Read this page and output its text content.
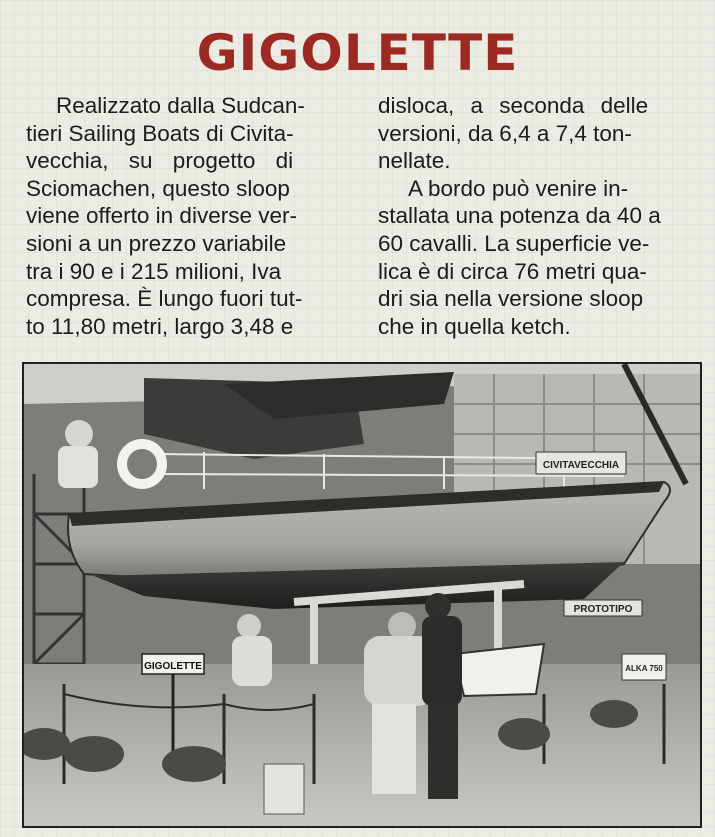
GIGOLETTE
Realizzato dalla Sudcan-
tieri Sailing Boats di Civita-
vecchia, su progetto di
Sciomachen, questo sloop
viene offerto in diverse ver-
sioni a un prezzo variabile
tra i 90 e i 215 milioni, Iva
compresa. È lungo fuori tut-
to 11,80 metri, largo 3,48 e
disloca, a seconda delle
versioni, da 6,4 a 7,4 ton-
nellate.
A bordo può venire in-
stallata una potenza da 40 a
60 cavalli. La superficie ve-
lica è di circa 76 metri qua-
dri sia nella versione sloop
che in quella ketch.
CIVITAVECCHIA
PROTOTIPO
GIGOLETTE	ALKA 750
